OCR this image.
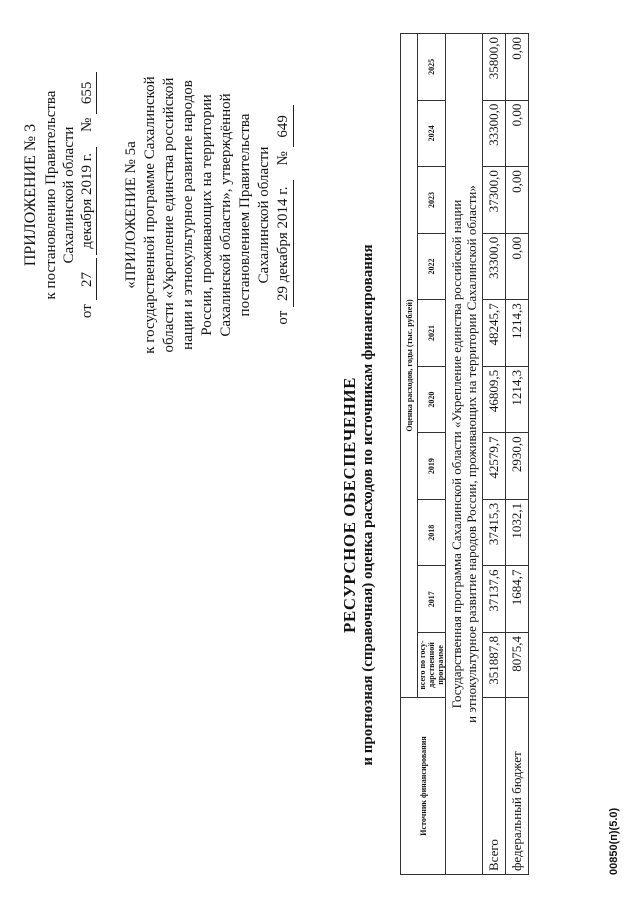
ПРИЛОЖЕНИЕ № 3 к постановлению Правительства Сахалинской области
от 27 декабря 2019 г.    № 655
«ПРИЛОЖЕНИЕ № 5а к государственной программе Сахалинской области «Укрепление единства российской нации и этнокультурное развитие народов России, проживающих на территории Сахалинской области», утверждённой постановлением Правительства Сахалинской области
от 29 декабря 2014 г.    № 649
РЕСУРСНОЕ ОБЕСПЕЧЕНИЕ и прогнозная (справочная) оценка расходов по источникам финансирования
Источник финансирования	Оценка расходов, годы (тыс. рублей)									
	всего по госу-дарственной программе	2017	2018	2019	2020	2021	2022	2023	2024	2025

Государственная программа Сахалинской области «Укрепление единства российской нации и этнокультурное развитие народов России, проживающих на территории Сахалинской области»										

Всего	351887,8	37137,6	37415,3	42579,7	46809,5	48245,7	33300,0	37300,0	33300,0	35800,0
федеральный бюджет	8075,4	1684,7	1032,1	2930,0	1214,3	1214,3	0,00	0,00	0,00	0,00
00850(п)(5.0)
